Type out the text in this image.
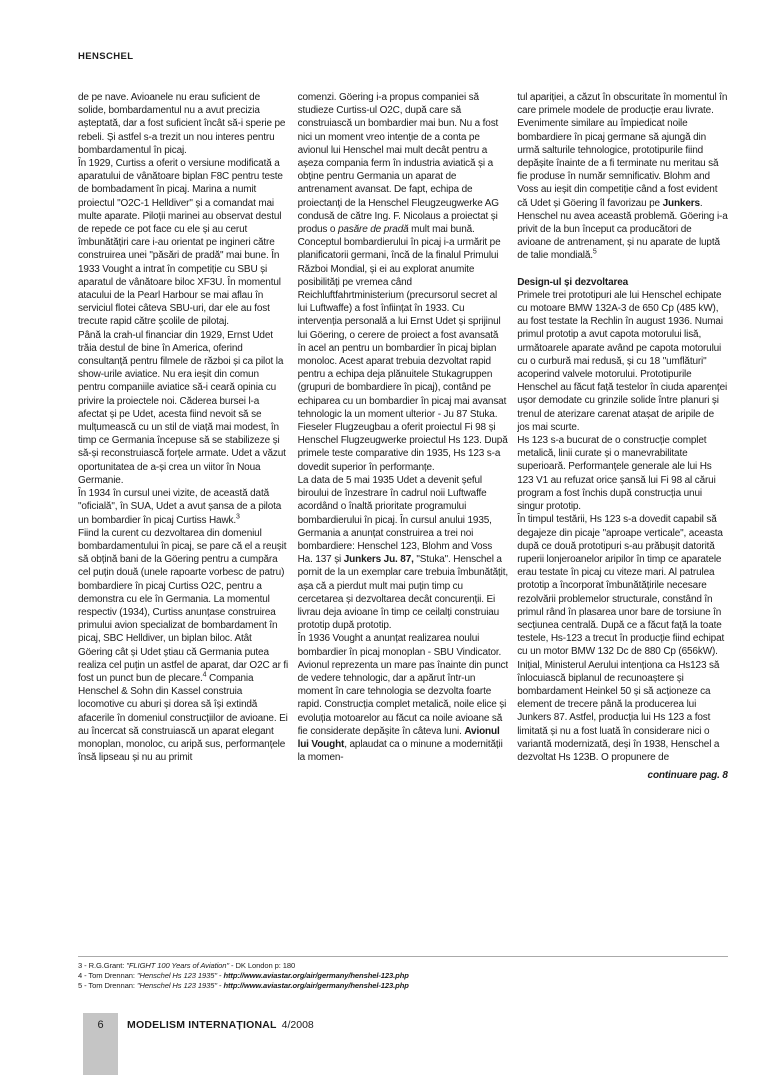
HENSCHEL

de pe nave. Avioanele nu erau suficient de solide, bombardamentul nu a avut precizia așteptată, dar a fost suficient încât să-i sperie pe rebeli. Și astfel s-a trezit un nou interes pentru bombardamentul în picaj.

În 1929, Curtiss a oferit o versiune modificată a aparatului de vânătoare biplan F8C pentru teste de bombadament în picaj. Marina a numit proiectul "O2C-1 Helldiver" și a comandat mai multe aparate. Piloții marinei au observat destul de repede ce pot face cu ele și au cerut îmbunătățiri care i-au orientat pe ingineri către construirea unei "păsări de pradă" mai bune. În 1933 Vought a intrat în competiție cu SBU și aparatul de vânătoare biloc XF3U. În momentul atacului de la Pearl Harbour se mai aflau în serviciul flotei câteva SBU-uri, dar ele au fost trecute rapid către școlile de pilotaj.

Până la crah-ul financiar din 1929, Ernst Udet trăia destul de bine în America, oferind consultanță pentru filmele de război și ca pilot la show-urile aviatice. Nu era ieșit din comun pentru companiile aviatice să-i ceară opinia cu privire la proiectele noi. Căderea bursei l-a afectat și pe Udet, acesta fiind nevoit să se mulțumească cu un stil de viață mai modest, în timp ce Germania începuse să se stabilizeze și să-și reconstruiască forțele armate. Udet a văzut oportunitatea de a-și crea un viitor în Noua Germanie.

În 1934 în cursul unei vizite, de această dată "oficială", în SUA, Udet a avut șansa de a pilota un bombardier în picaj Curtiss Hawk.$^3$

Fiind la curent cu dezvoltarea din domeniul bombardamentului în picaj, se pare că el a reușit să obțină bani de la Göering pentru a cumpăra cel puțin două (unele rapoarte vorbesc de patru) bombardiere în picaj Curtiss O2C, pentru a demonstra cu ele în Germania. La momentul respectiv (1934), Curtiss anunțase construirea primului avion specializat de bombardament în picaj, SBC Helldiver, un biplan biloc. Atât Göering cât și Udet știau că Germania putea realiza cel puțin un astfel de aparat, dar O2C ar fi fost un punct bun de plecare.$^4$ Compania Henschel & Sohn din Kassel construia locomotive cu aburi și dorea să își extindă afacerile în domeniul construcțiilor de avioane. Ei au încercat să construiască un aparat elegant monoplan, monoloc, cu aripă sus, performanțele însă lipseau și nu au primit

comenzi. Göering i-a propus companiei să studieze Curtiss-ul O2C, după care să construiască un bombardier mai bun. Nu a fost nici un moment vreo intenție de a conta pe avionul lui Henschel mai mult decât pentru a așeza compania ferm în industria aviatică și a obține pentru Germania un aparat de antrenament avansat. De fapt, echipa de proiectanți de la Henschel Fleugzeugwerke AG condusă de către Ing. F. Nicolaus a proiectat și produs o pasăre de pradă mult mai bună.

Conceptul bombardierului în picaj i-a urmărit pe planificatorii germani, încă de la finalul Primului Război Mondial, și ei au explorat anumite posibilități pe vremea când Reichluftfahrtministerium (precursorul secret al lui Luftwaffe) a fost înființat în 1933. Cu intervenția personală a lui Ernst Udet și sprijinul lui Göering, o cerere de proiect a fost avansată în acel an pentru un bombardier în picaj biplan monoloc. Acest aparat trebuia dezvoltat rapid pentru a echipa deja plănuitele Stukagruppen (grupuri de bombardiere în picaj), contând pe echiparea cu un bombardier în picaj mai avansat tehnologic la un moment ulterior - Ju 87 Stuka.

Fieseler Flugzeugbau a oferit proiectul Fi 98 și Henschel Flugzeugwerke proiectul Hs 123. După primele teste comparative din 1935, Hs 123 s-a dovedit superior în performanțe.

La data de 5 mai 1935 Udet a devenit șeful biroului de înzestrare în cadrul noii Luftwaffe acordând o înaltă prioritate programului bombardierului în picaj. În cursul anului 1935, Germania a anunțat construirea a trei noi bombardiere: Henschel 123, Blohm and Voss Ha. 137 și Junkers Ju. 87, "Stuka". Henschel a pornit de la un exemplar care trebuia îmbunătățit, așa că a pierdut mult mai puțin timp cu cercetarea și dezvoltarea decât concurenții. Ei livrau deja avioane în timp ce ceilalți construiau prototip după prototip.

În 1936 Vought a anunțat realizarea noului bombardier în picaj monoplan - SBU Vindicator. Avionul reprezenta un mare pas înainte din punct de vedere tehnologic, dar a apărut într-un moment în care tehnologia se dezvolta foarte rapid. Construcția complet metalică, noile elice și evoluția motoarelor au făcut ca noile avioane să fie considerate depășite în câteva luni. Avionul lui Vought, aplaudat ca o minune a modernității la momen-

tul apariției, a căzut în obscuritate în momentul în care primele modele de producție erau livrate. Evenimente similare au împiedicat noile bombardiere în picaj germane să ajungă din urmă salturile tehnologice, prototipurile fiind depășite înainte de a fi terminate nu meritau să fie produse în număr semnificativ. Blohm and Voss au ieșit din competiție când a fost evident că Udet și Göering îl favorizau pe Junkers. Henschel nu avea această problemă. Göering i-a privit de la bun început ca producători de avioane de antrenament, și nu aparate de luptă de talie mondială.$^5$

Design-ul și dezvoltarea

Primele trei prototipuri ale lui Henschel echipate cu motoare BMW 132A-3 de 650 Cp (485 kW), au fost testate la Rechlin în august 1936. Numai primul prototip a avut capota motorului lisă, următoarele aparate având pe capota motorului cu o curbură mai redusă, și cu 18 "umflături" acoperind valvele motorului. Prototipurile Henschel au făcut față testelor în ciuda aparenței ușor demodate cu grinzile solide între planuri și trenul de aterizare carenat atașat de aripile de jos mai scurte.

Hs 123 s-a bucurat de o construcție complet metalică, linii curate și o manevrabilitate superioară. Performanțele generale ale lui Hs 123 V1 au refuzat orice șansă lui Fi 98 al cărui program a fost închis după construcția unui singur prototip.

În timpul testării, Hs 123 s-a dovedit capabil să degajeze din picaje "aproape verticale", aceasta după ce două prototipuri s-au prăbușit datorită ruperii lonjeroanelor aripilor în timp ce aparatele erau testate în picaj cu viteze mari. Al patrulea prototip a încorporat îmbunătățirile necesare rezolvării problemelor structurale, constând în primul rând în plasarea unor bare de torsiune în secțiunea centrală. După ce a făcut față la toate testele, Hs-123 a trecut în producție fiind echipat cu un motor BMW 132 Dc de 880 Cp (656kW).

Inițial, Ministerul Aerului intenționa ca Hs123 să înlocuiască biplanul de recunoaștere și bombardament Heinkel 50 și să acționeze ca element de trecere până la producerea lui Junkers 87. Astfel, producția lui Hs 123 a fost limitată și nu a fost luată în considerare nici o variantă modernizată, deși în 1938, Henschel a dezvoltat Hs 123B. O propunere de

continuare pag. 8

3 - R.G.Grant: "FLIGHT 100 Years of Aviation" - DK London p: 180
4 - Tom Drennan: "Henschel Hs 123 1935" - http://www.aviastar.org/air/germany/henshel-123.php
5 - Tom Drennan: "Henschel Hs 123 1935" - http://www.aviastar.org/air/germany/henshel-123.php
6	MODELISM INTERNAȚIONAL 4/2008
